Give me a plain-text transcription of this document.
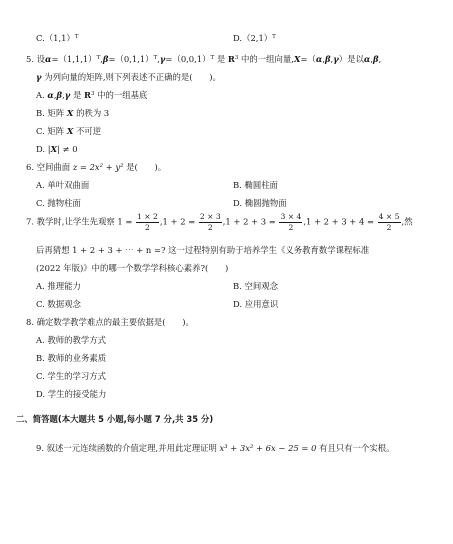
$C.(1,1)^T$	$D.(2,1)^T$
5. 设$\alpha=(1,1,1)^T,\beta=(0,1,1)^T,\gamma=(0,0,1)^T$ 是 $R^3$ 中的一组向量,X=（α,β,γ）是以α,β,
γ 为列向量的矩阵,则下列表述不正确的是(　　)。
A. α,β,γ 是 $R^3$ 中的一组基底
B. 矩阵 X 的秩为 3
C. 矩阵 X 不可逆
D. |X| ≠ 0
6. 空间曲面 z = 2x² + y² 是(　　)。
A. 单叶双曲面	B. 椭圆柱面
C. 抛物柱面	D. 椭圆抛物面
7. 教学时,让学生先观察 $1 = \frac{1 \times 2}{2} ,1 + 2 = \frac{2 \times 3}{2} ,1 + 2 + 3 = \frac{3 \times 4}{2} ,1 + 2 + 3 + 4 = \frac{4 \times 5}{2}$ ,然
后再猜想 1 + 2 + 3 + ⋯ + n =? 这一过程特别有助于培养学生《义务教育数学课程标准
(2022 年版)》中的哪一个数学学科核心素养?(　　)
A. 推理能力	B. 空间观念
C. 数据观念	D. 应用意识
8. 确定数学教学难点的最主要依据是(　　)。
A. 教师的教学方式
B. 教师的业务素质
C. 学生的学习方式
D. 学生的接受能力
二、简答题(本大题共 5 小题,每小题 7 分,共 35 分)
9. 叙述一元连续函数的介值定理,并用此定理证明 x³ + 3x² + 6x − 25 = 0 有且只有一个实根。
